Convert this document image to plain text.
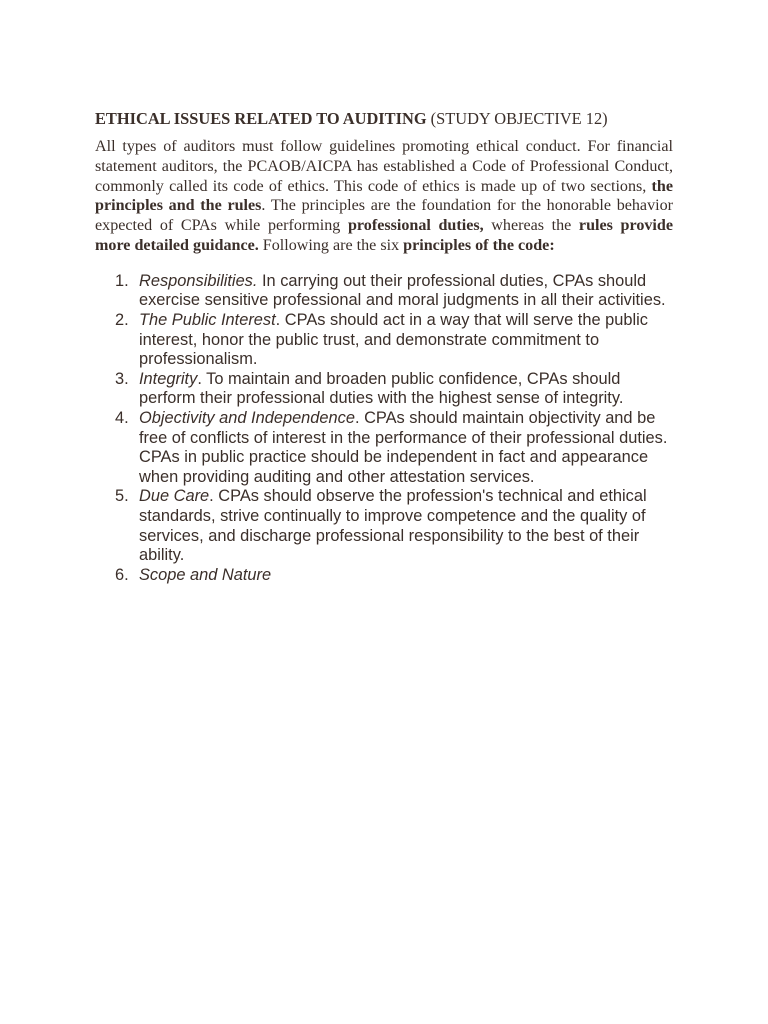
ETHICAL ISSUES RELATED TO AUDITING (STUDY OBJECTIVE 12)

All types of auditors must follow guidelines promoting ethical conduct. For financial statement auditors, the PCAOB/AICPA has established a Code of Professional Conduct, commonly called its code of ethics. This code of ethics is made up of two sections, the principles and the rules. The principles are the foundation for the honorable behavior expected of CPAs while performing professional duties, whereas the rules provide more detailed guidance. Following are the six principles of the code:

1. Responsibilities. In carrying out their professional duties, CPAs should exercise sensitive professional and moral judgments in all their activities.
2. The Public Interest. CPAs should act in a way that will serve the public interest, honor the public trust, and demonstrate commitment to professionalism.
3. Integrity. To maintain and broaden public confidence, CPAs should perform their professional duties with the highest sense of integrity.
4. Objectivity and Independence. CPAs should maintain objectivity and be free of conflicts of interest in the performance of their professional duties. CPAs in public practice should be independent in fact and appearance when providing auditing and other attestation services.
5. Due Care. CPAs should observe the profession's technical and ethical standards, strive continually to improve competence and the quality of services, and discharge professional responsibility to the best of their ability.
6. Scope and Nature
